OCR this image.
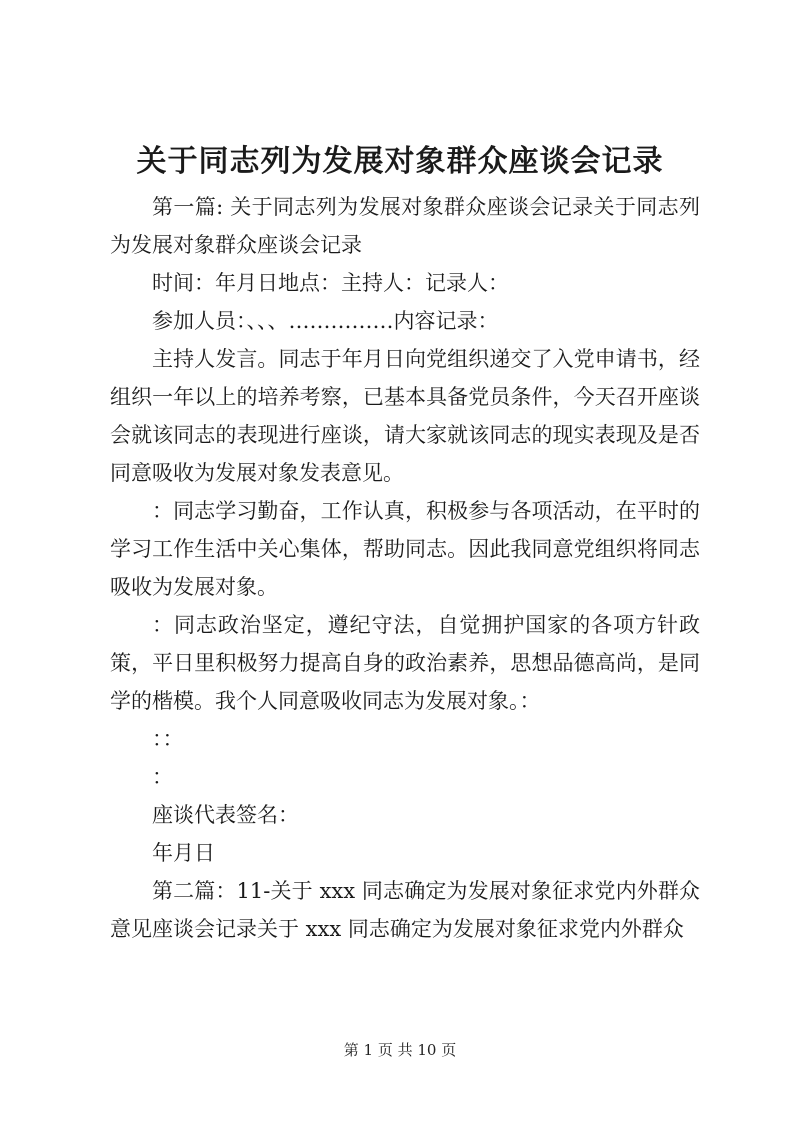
关于同志列为发展对象群众座谈会记录

第一篇: 关于同志列为发展对象群众座谈会记录关于同志列为发展对象群众座谈会记录

时间：年月日地点：主持人：记录人：

参加人员：、、、……………内容记录：

主持人发言。同志于年月日向党组织递交了入党申请书，经组织一年以上的培养考察，已基本具备党员条件，今天召开座谈会就该同志的表现进行座谈，请大家就该同志的现实表现及是否同意吸收为发展对象发表意见。

：同志学习勤奋，工作认真，积极参与各项活动，在平时的学习工作生活中关心集体，帮助同志。因此我同意党组织将同志吸收为发展对象。

：同志政治坚定，遵纪守法，自觉拥护国家的各项方针政策，平日里积极努力提高自身的政治素养，思想品德高尚，是同学的楷模。我个人同意吸收同志为发展对象。：

：：

：

座谈代表签名：

年月日

第二篇：11-关于 xxx 同志确定为发展对象征求党内外群众意见座谈会记录关于 xxx 同志确定为发展对象征求党内外群众

第 1 页 共 10 页
